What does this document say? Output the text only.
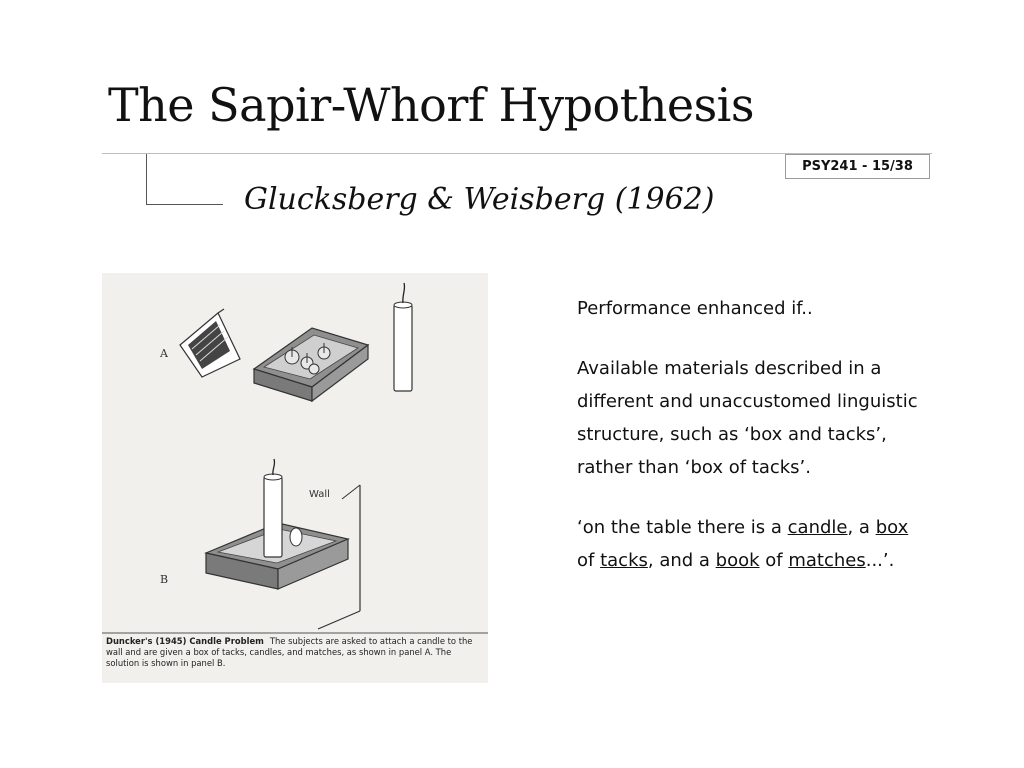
The Sapir-Whorf Hypothesis
PSY241 - 15/38
Glucksberg & Weisberg (1962)
A
Wall
B
Duncker's (1945) Candle Problem The subjects are asked to attach a candle to the
wall and are given a box of tacks, candles, and matches, as shown in panel A. The
solution is shown in panel B.

Performance enhanced if..

Available materials described in a different and unaccustomed linguistic structure, such as ‘box and tacks’, rather than ‘box of tacks’.

‘on the table there is a candle, a box of tacks, and a book of matches...’.
